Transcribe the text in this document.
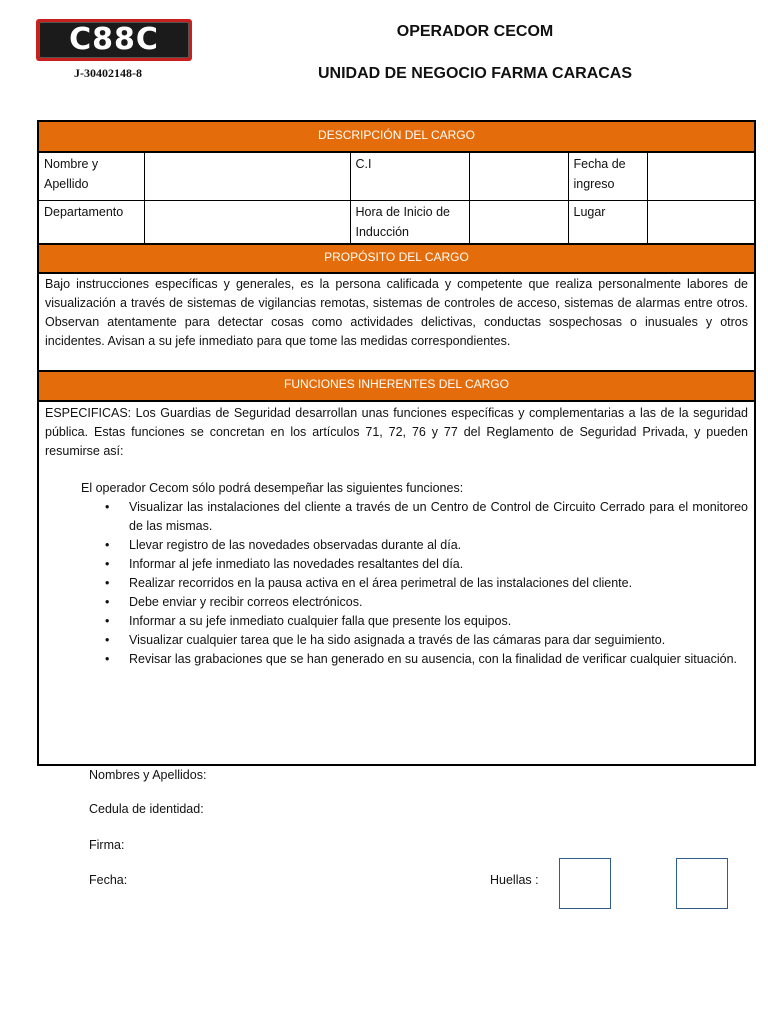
C88C
J-30402148-8
OPERADOR CECOM
UNIDAD DE NEGOCIO FARMA CARACAS
DESCRIPCIÓN DEL CARGO
Nombre y Apellido		C.I		Fecha de ingreso	
Departamento		Hora de Inicio de Inducción		Lugar	
PROPÓSITO DEL CARGO
Bajo instrucciones específicas y generales, es la persona calificada y competente que realiza personalmente labores de visualización a través de sistemas de vigilancias remotas, sistemas de controles de acceso, sistemas de alarmas entre otros. Observan atentamente para detectar cosas como actividades delictivas, conductas sospechosas o inusuales y otros incidentes. Avisan a su jefe inmediato para que tome las medidas correspondientes.
FUNCIONES INHERENTES DEL CARGO

ESPECIFICAS: Los Guardias de Seguridad desarrollan unas funciones específicas y complementarias a las de la seguridad pública. Estas funciones se concretan en los artículos 71, 72, 76 y 77 del Reglamento de Seguridad Privada, y pueden resumirse así:

El operador Cecom sólo podrá desempeñar las siguientes funciones:

• Visualizar las instalaciones del cliente a través de un Centro de Control de Circuito Cerrado para el monitoreo de las mismas.
• Llevar registro de las novedades observadas durante al día.
• Informar al jefe inmediato las novedades resaltantes del día.
• Realizar recorridos en la pausa activa en el área perimetral de las instalaciones del cliente.
• Debe enviar y recibir correos electrónicos.
• Informar a su jefe inmediato cualquier falla que presente los equipos.
• Visualizar cualquier tarea que le ha sido asignada a través de las cámaras para dar seguimiento.
• Revisar las grabaciones que se han generado en su ausencia, con la finalidad de verificar cualquier situación.
Nombres y Apellidos:
Cedula de identidad:
Firma:
Fecha:	Huellas :
